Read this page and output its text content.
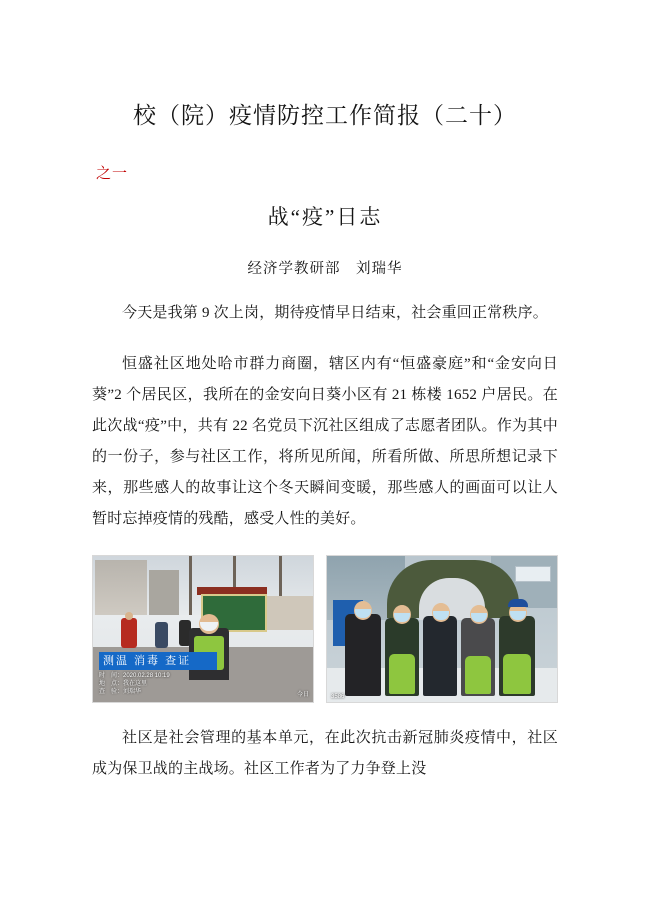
校（院）疫情防控工作简报（二十）
之一
战“疫”日志
经济学教研部　刘瑞华

今天是我第 9 次上岗，期待疫情早日结束，社会重回正常秩序。

恒盛社区地处哈市群力商圈，辖区内有“恒盛豪庭”和“金安向日葵”2 个居民区，我所在的金安向日葵小区有 21 栋楼 1652 户居民。在此次战“疫”中，共有 22 名党员下沉社区组成了志愿者团队。作为其中的一份子，参与社区工作，将所见所闻，所看所做、所思所想记录下来，那些感人的故事让这个冬天瞬间变暖，那些感人的画面可以让人暂时忘掉疫情的残酷，感受人性的美好。

测温 消毒 查证
时　间：2020.02.28 10:19
地　点：我在这里
查　验：刘瑞华	今日	3586

社区是社会管理的基本单元，在此次抗击新冠肺炎疫情中，社区成为保卫战的主战场。社区工作者为了力争登上没
